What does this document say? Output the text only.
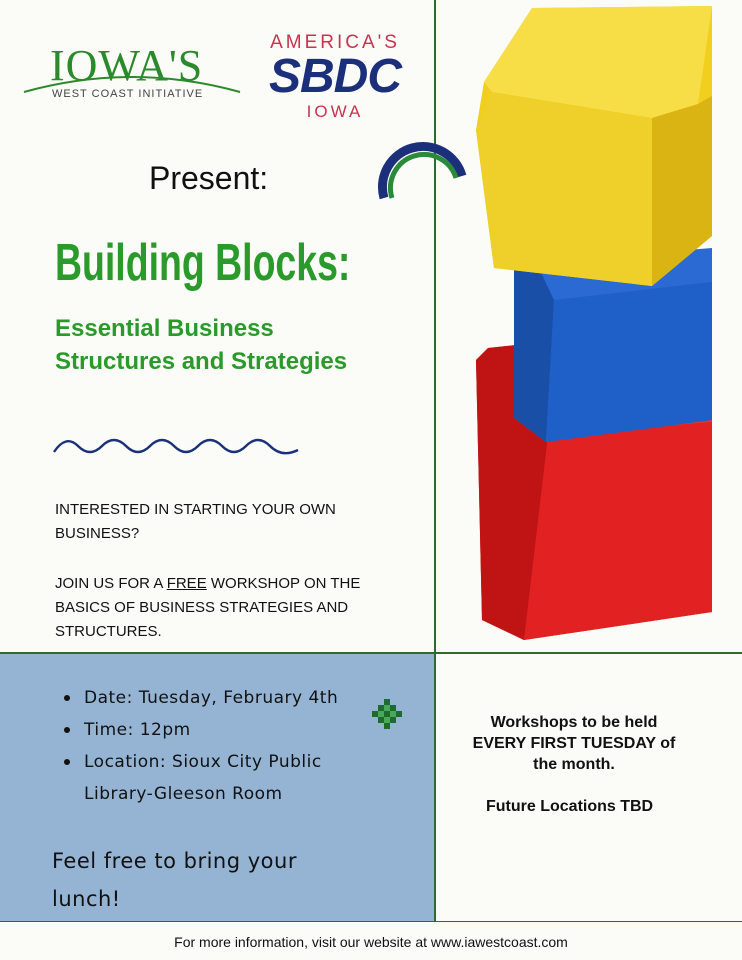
IOWA'S
WEST COAST INITIATIVE
AMERICA'S
SBDC
IOWA
Present:
Building Blocks:
Essential Business Structures and Strategies
INTERESTED IN STARTING YOUR OWN BUSINESS?
JOIN US FOR A FREE WORKSHOP ON THE BASICS OF BUSINESS STRATEGIES AND STRUCTURES.
Date: Tuesday, February 4th
Time: 12pm
Location: Sioux City Public Library-Gleeson Room
Feel free to bring your lunch!
Workshops to be held EVERY FIRST TUESDAY of the month.
Future Locations TBD
For more information, visit our website at www.iawestcoast.com
